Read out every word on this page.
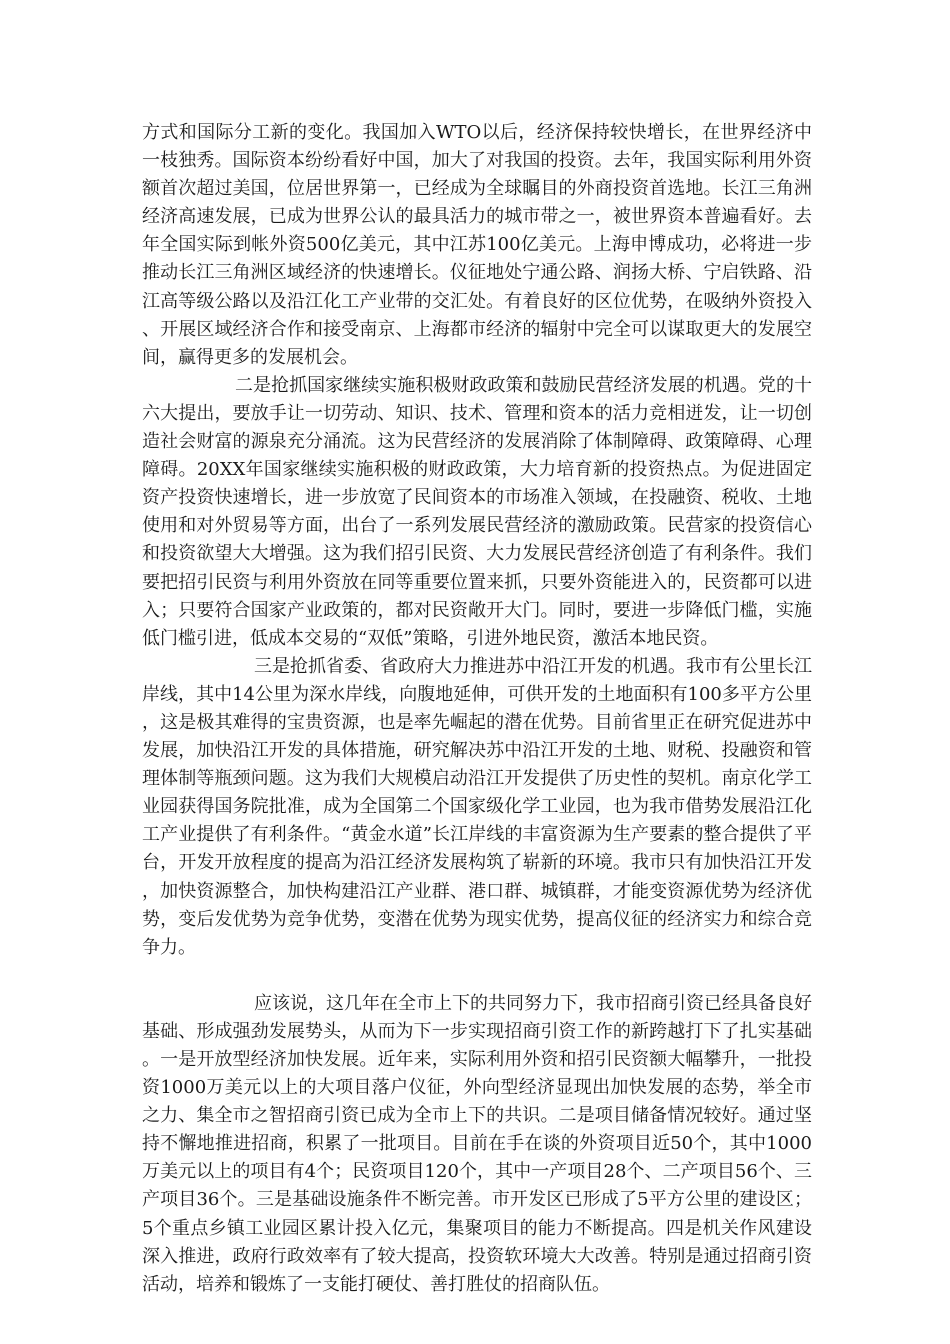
方式和国际分工新的变化。我国加入WTO以后，经济保持较快增长，在世界经济中一枝独秀。国际资本纷纷看好中国，加大了对我国的投资。去年，我国实际利用外资额首次超过美国，位居世界第一，已经成为全球瞩目的外商投资首选地。长江三角洲经济高速发展，已成为世界公认的最具活力的城市带之一，被世界资本普遍看好。去年全国实际到帐外资500亿美元，其中江苏100亿美元。上海申博成功，必将进一步推动长江三角洲区域经济的快速增长。仪征地处宁通公路、润扬大桥、宁启铁路、沿江高等级公路以及沿江化工产业带的交汇处。有着良好的区位优势，在吸纳外资投入、开展区域经济合作和接受南京、上海都市经济的辐射中完全可以谋取更大的发展空间，赢得更多的发展机会。

二是抢抓国家继续实施积极财政政策和鼓励民营经济发展的机遇。党的十六大提出，要放手让一切劳动、知识、技术、管理和资本的活力竞相迸发，让一切创造社会财富的源泉充分涌流。这为民营经济的发展消除了体制障碍、政策障碍、心理障碍。20XX年国家继续实施积极的财政政策，大力培育新的投资热点。为促进固定资产投资快速增长，进一步放宽了民间资本的市场准入领域，在投融资、税收、土地使用和对外贸易等方面，出台了一系列发展民营经济的激励政策。民营家的投资信心和投资欲望大大增强。这为我们招引民资、大力发展民营经济创造了有利条件。我们要把招引民资与利用外资放在同等重要位置来抓，只要外资能进入的，民资都可以进入；只要符合国家产业政策的，都对民资敞开大门。同时，要进一步降低门槛，实施低门槛引进，低成本交易的“双低”策略，引进外地民资，激活本地民资。

三是抢抓省委、省政府大力推进苏中沿江开发的机遇。我市有公里长江岸线，其中14公里为深水岸线，向腹地延伸，可供开发的土地面积有100多平方公里，这是极其难得的宝贵资源，也是率先崛起的潜在优势。目前省里正在研究促进苏中发展，加快沿江开发的具体措施，研究解决苏中沿江开发的土地、财税、投融资和管理体制等瓶颈问题。这为我们大规模启动沿江开发提供了历史性的契机。南京化学工业园获得国务院批准，成为全国第二个国家级化学工业园，也为我市借势发展沿江化工产业提供了有利条件。“黄金水道”长江岸线的丰富资源为生产要素的整合提供了平台，开发开放程度的提高为沿江经济发展构筑了崭新的环境。我市只有加快沿江开发，加快资源整合，加快构建沿江产业群、港口群、城镇群，才能变资源优势为经济优势，变后发优势为竞争优势，变潜在优势为现实优势，提高仪征的经济实力和综合竞争力。

应该说，这几年在全市上下的共同努力下，我市招商引资已经具备良好基础、形成强劲发展势头，从而为下一步实现招商引资工作的新跨越打下了扎实基础。一是开放型经济加快发展。近年来，实际利用外资和招引民资额大幅攀升，一批投资1000万美元以上的大项目落户仪征，外向型经济显现出加快发展的态势，举全市之力、集全市之智招商引资已成为全市上下的共识。二是项目储备情况较好。通过坚持不懈地推进招商，积累了一批项目。目前在手在谈的外资项目近50个，其中1000万美元以上的项目有4个；民资项目120个，其中一产项目28个、二产项目56个、三产项目36个。三是基础设施条件不断完善。市开发区已形成了5平方公里的建设区；5个重点乡镇工业园区累计投入亿元，集聚项目的能力不断提高。四是机关作风建设深入推进，政府行政效率有了较大提高，投资软环境大大改善。特别是通过招商引资活动，培养和锻炼了一支能打硬仗、善打胜仗的招商队伍。
